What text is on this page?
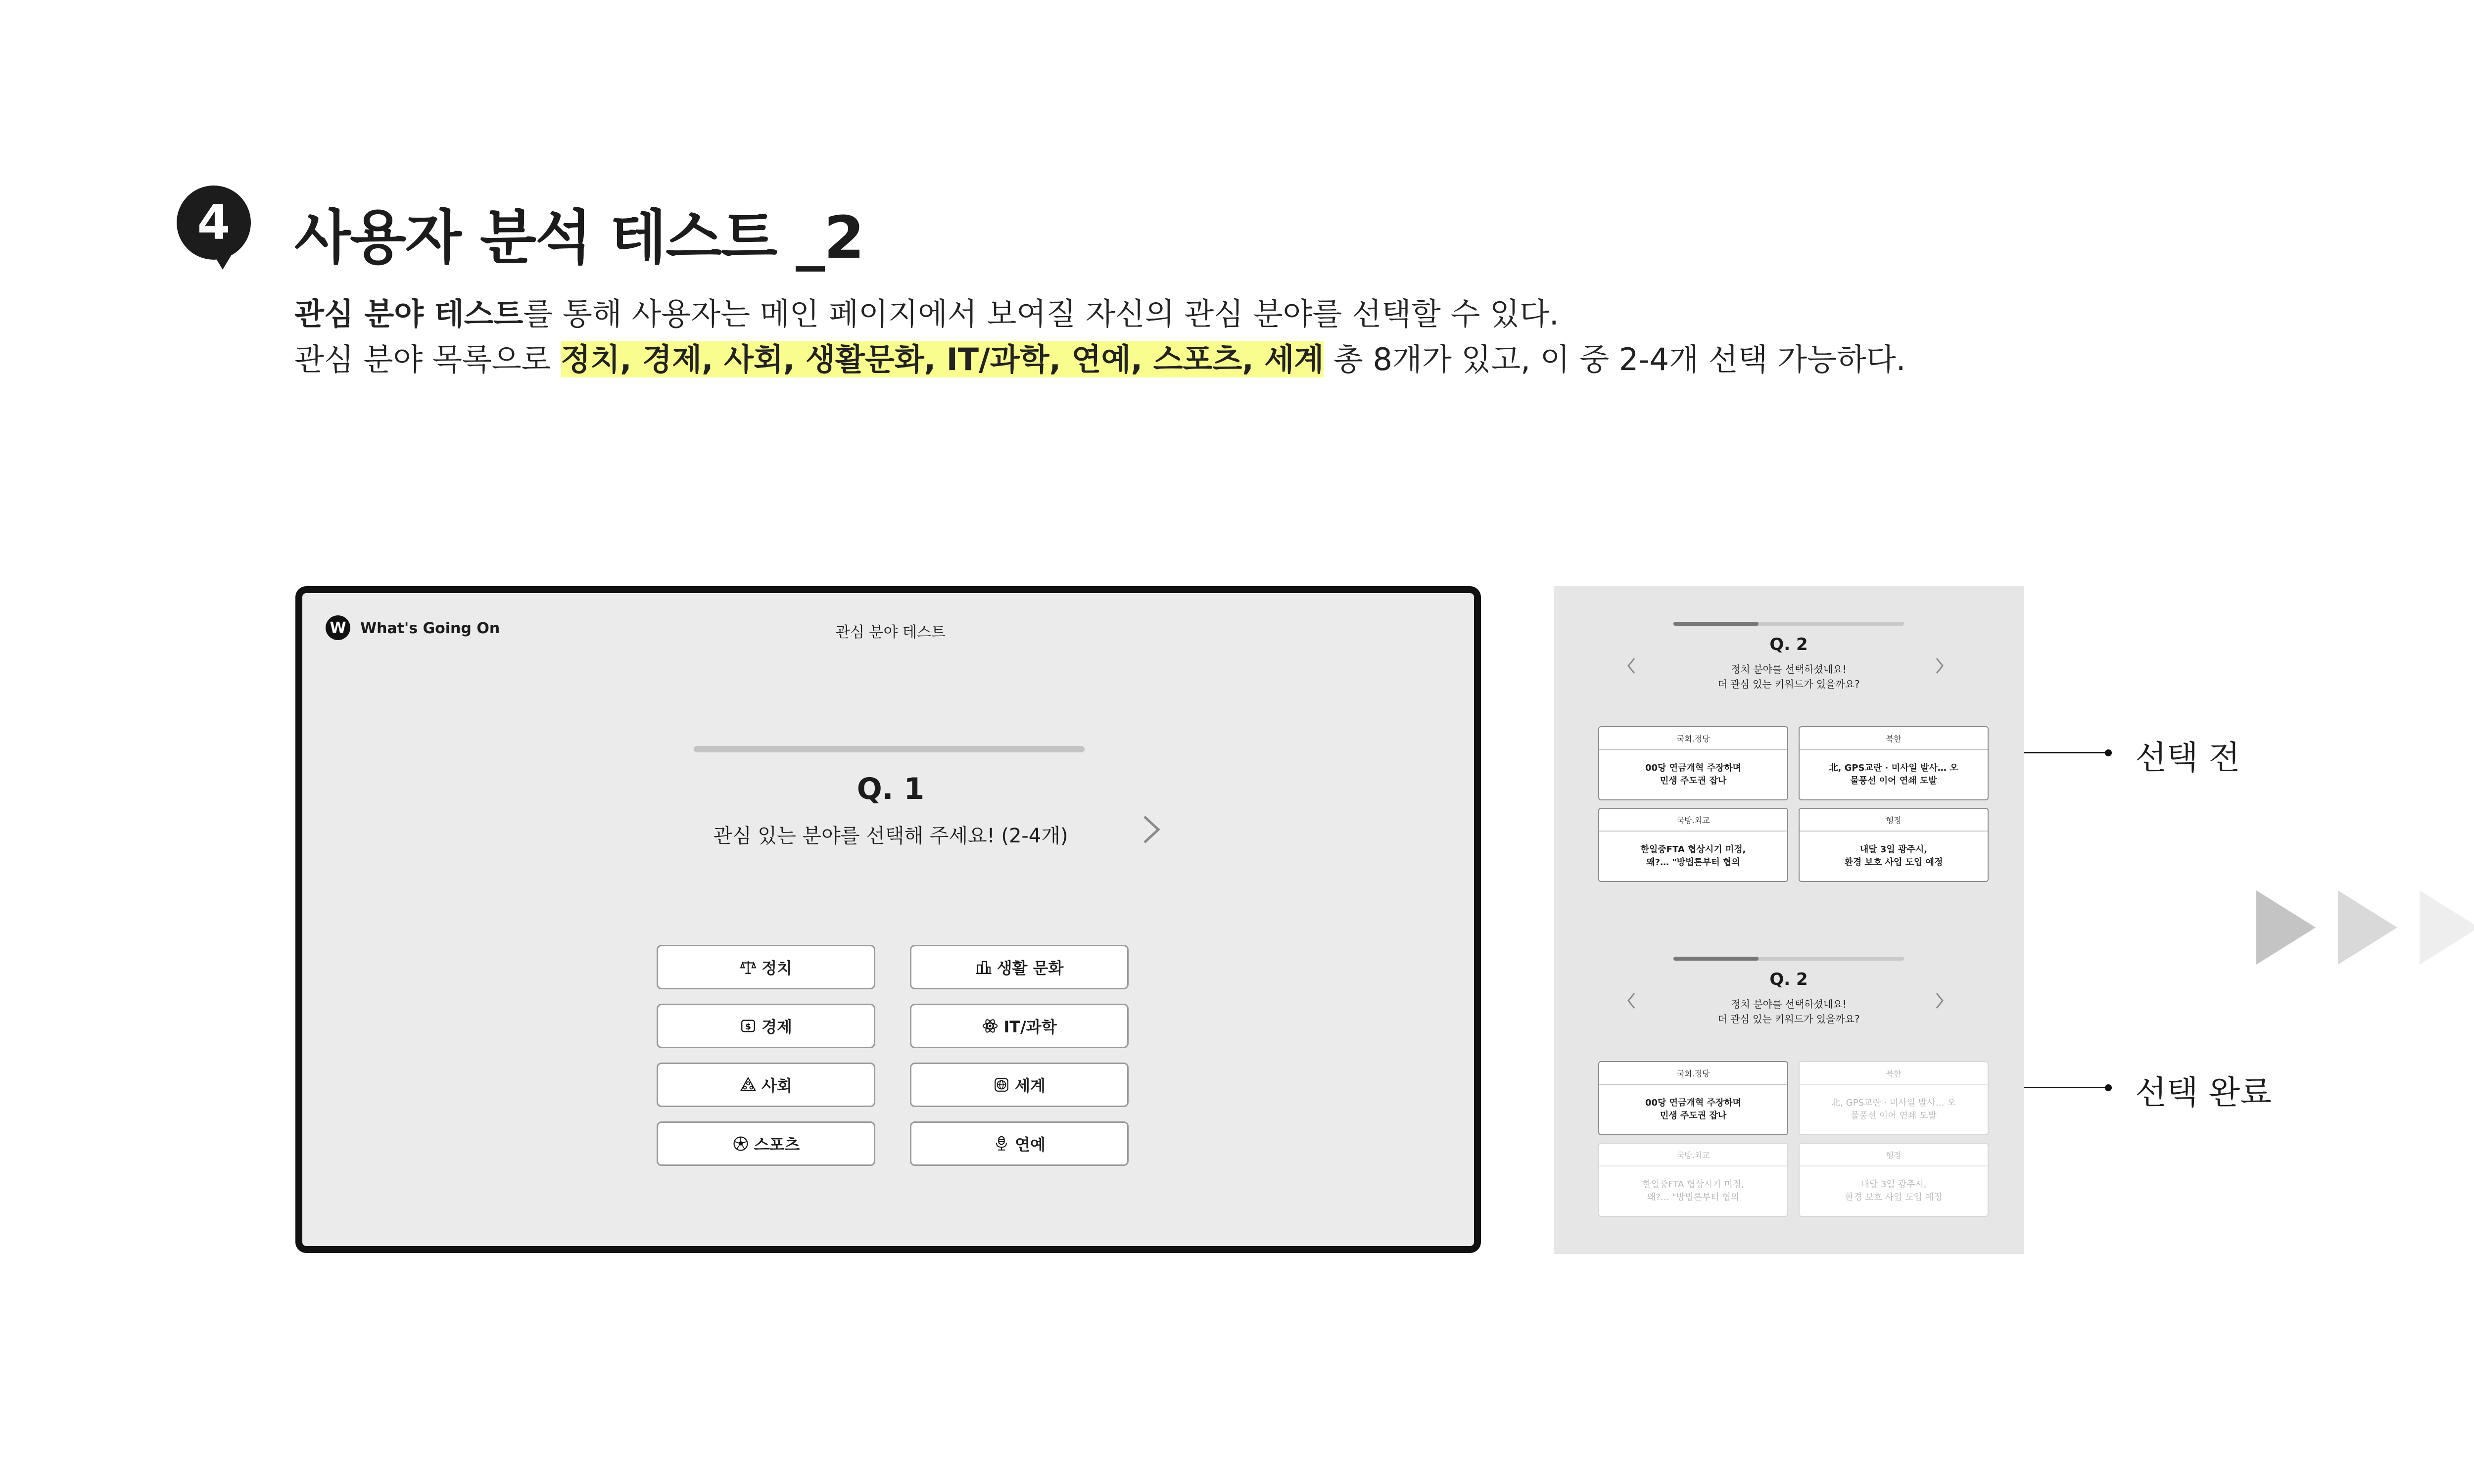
4	사용자 분석 테스트 _2
관심 분야 테스트를 통해 사용자는 메인 페이지에서 보여질 자신의 관심 분야를 선택할 수 있다.
관심 분야 목록으로 정치, 경제, 사회, 생활문화, IT/과학, 연예, 스포츠, 세계 총 8개가 있고, 이 중 2-4개 선택 가능하다.
W What's Going On	관심 분야 테스트
Q. 1
관심 있는 분야를 선택해 주세요! (2-4개)
정치	생활 문화
$ 경제	IT/과학
사회	세계
스포츠	연예
Q. 2
정치 분야를 선택하셨네요!
더 관심 있는 키워드가 있을까요?
국회.정당
00당 연금개혁 주장하며
민생 주도권 잡나
북한
北, GPS교란 · 미사일 발사… 오
물풍선 이어 연쇄 도발
국방.외교
한일중FTA 협상시기 미정,
왜?… "방법론부터 협의
행정
내달 3일 광주시,
환경 보호 사업 도입 예정
선택 전
Q. 2
정치 분야를 선택하셨네요!
더 관심 있는 키워드가 있을까요?
국회.정당
00당 연금개혁 주장하며
민생 주도권 잡나
북한
北, GPS교란 · 미사일 발사… 오
물풍선 이어 연쇄 도발
국방.외교
한일중FTA 협상시기 미정,
왜?… "방법론부터 협의
행정
내달 3일 광주시,
환경 보호 사업 도입 예정
선택 완료
